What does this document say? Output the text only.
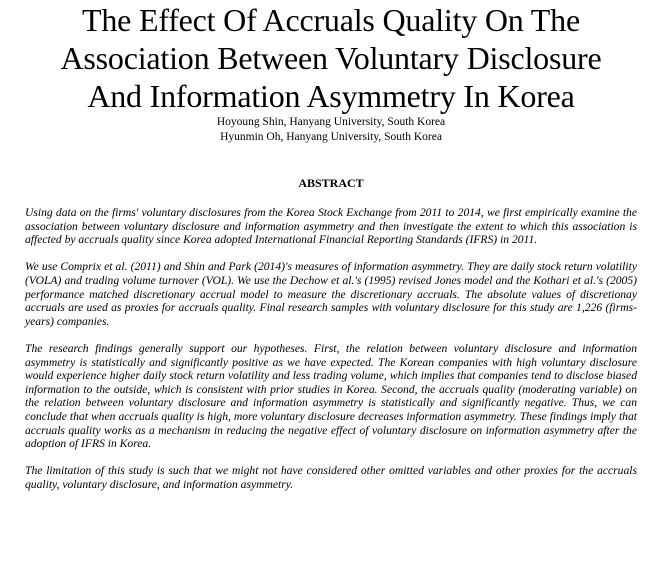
The Effect Of Accruals Quality On The
Association Between Voluntary Disclosure
And Information Asymmetry In Korea
Hoyoung Shin, Hanyang University, South Korea
Hyunmin Oh, Hanyang University, South Korea
ABSTRACT

Using data on the firms' voluntary disclosures from the Korea Stock Exchange from 2011 to 2014, we first empirically examine the association between voluntary disclosure and information asymmetry and then investigate the extent to which this association is affected by accruals quality since Korea adopted International Financial Reporting Standards (IFRS) in 2011.

We use Comprix et al. (2011) and Shin and Park (2014)'s measures of information asymmetry. They are daily stock return volatility (VOLA) and trading volume turnover (VOL). We use the Dechow et al.'s (1995) revised Jones model and the Kothari et al.'s (2005) performance matched discretionary accrual model to measure the discretionary accruals. The absolute values of discretionay accruals are used as proxies for accruals quality. Final research samples with voluntary disclosure for this study are 1,226 (firms-years) companies.

The research findings generally support our hypotheses. First, the relation between voluntary disclosure and information asymmetry is statistically and significantly positive as we have expected. The Korean companies with high voluntary disclosure would experience higher daily stock return volatility and less trading volume, which implies that companies tend to disclose biased information to the outside, which is consistent with prior studies in Korea. Second, the accruals quality (moderating variable) on the relation between voluntary disclosure and information asymmetry is statistically and significantly negative. Thus, we can conclude that when accruals quality is high, more voluntary disclosure decreases information asymmetry. These findings imply that accruals quality works as a mechanism in reducing the negative effect of voluntary disclosure on information asymmetry after the adoption of IFRS in Korea.

The limitation of this study is such that we might not have considered other omitted variables and other proxies for the accruals quality, voluntary disclosure, and information asymmetry.
